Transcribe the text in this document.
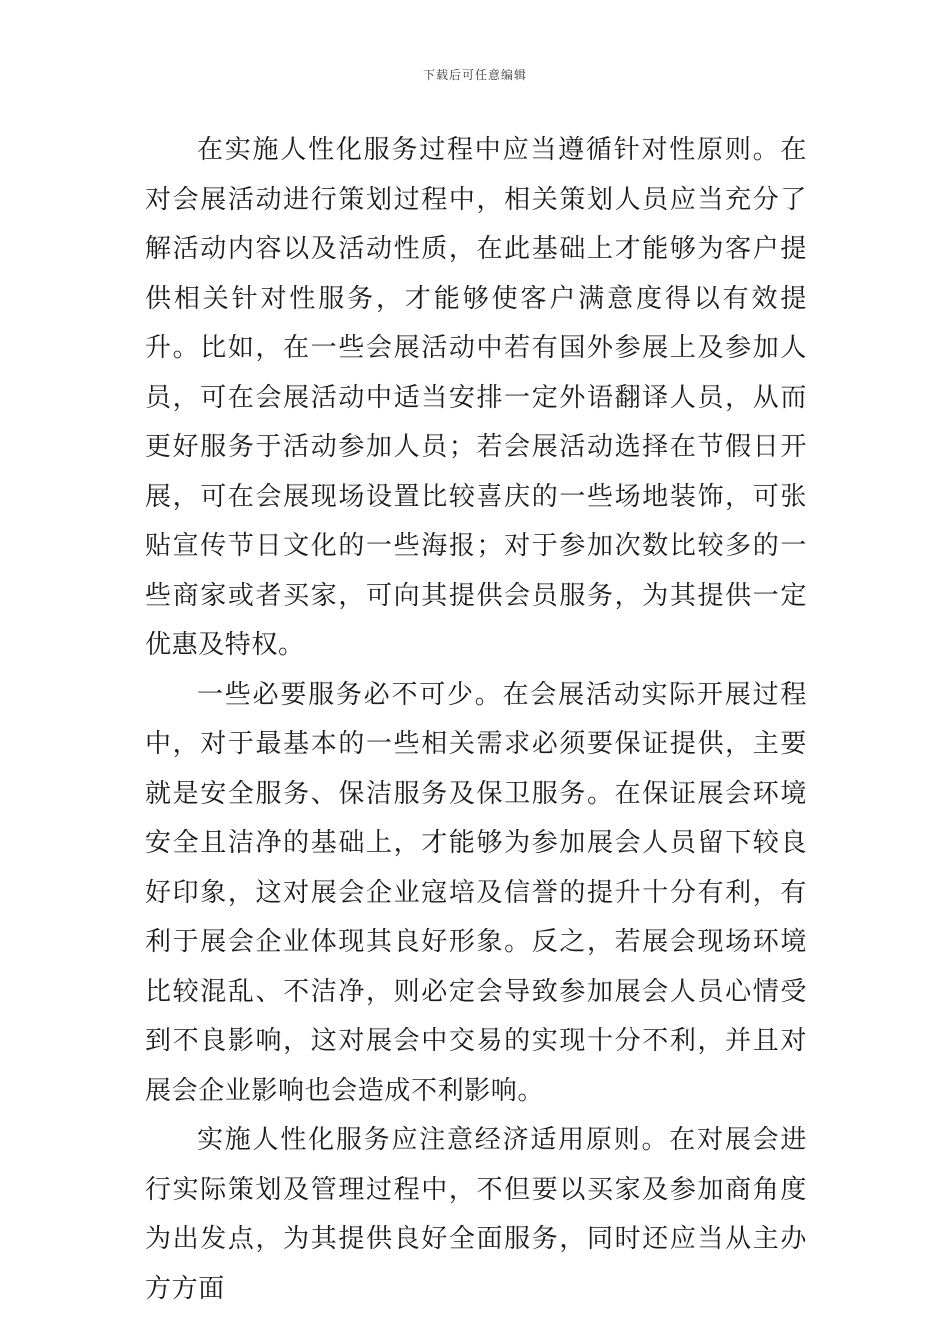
下载后可任意编辑

在实施人性化服务过程中应当遵循针对性原则。在对会展活动进行策划过程中，相关策划人员应当充分了解活动内容以及活动性质，在此基础上才能够为客户提供相关针对性服务，才能够使客户满意度得以有效提升。比如，在一些会展活动中若有国外参展上及参加人员，可在会展活动中适当安排一定外语翻译人员，从而更好服务于活动参加人员；若会展活动选择在节假日开展，可在会展现场设置比较喜庆的一些场地装饰，可张贴宣传节日文化的一些海报；对于参加次数比较多的一些商家或者买家，可向其提供会员服务，为其提供一定优惠及特权。

一些必要服务必不可少。在会展活动实际开展过程中，对于最基本的一些相关需求必须要保证提供，主要就是安全服务、保洁服务及保卫服务。在保证展会环境安全且洁净的基础上，才能够为参加展会人员留下较良好印象，这对展会企业寇培及信誉的提升十分有利，有利于展会企业体现其良好形象。反之，若展会现场环境比较混乱、不洁净，则必定会导致参加展会人员心情受到不良影响，这对展会中交易的实现十分不利，并且对展会企业影响也会造成不利影响。

实施人性化服务应注意经济适用原则。在对展会进行实际策划及管理过程中，不但要以买家及参加商角度为出发点，为其提供良好全面服务，同时还应当从主办方方面
